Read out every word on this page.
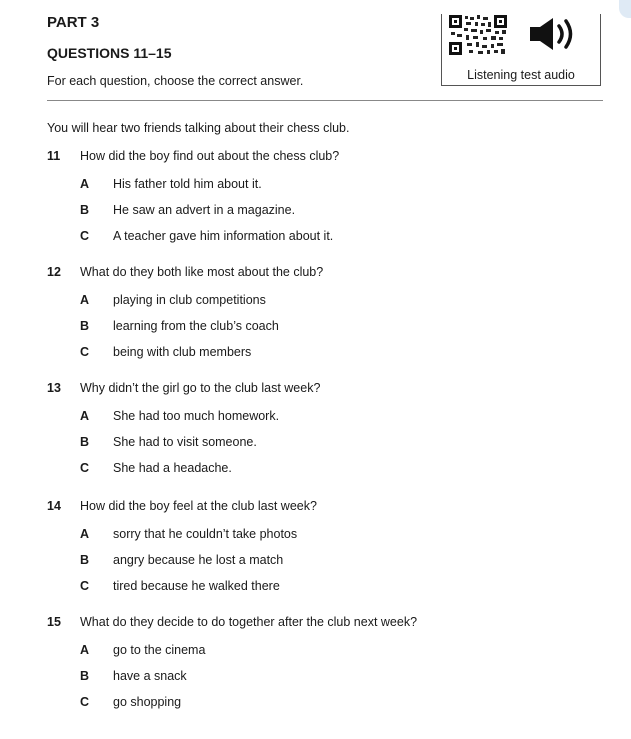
PART 3
QUESTIONS 11–15
For each question, choose the correct answer.	Listening test audio
You will hear two friends talking about their chess club.
11 How did the boy find out about the chess club?
A His father told him about it.
B He saw an advert in a magazine.
C A teacher gave him information about it.
12 What do they both like most about the club?
A playing in club competitions
B learning from the club’s coach
C being with club members
13 Why didn’t the girl go to the club last week?
A She had too much homework.
B She had to visit someone.
C She had a headache.
14 How did the boy feel at the club last week?
A sorry that he couldn’t take photos
B angry because he lost a match
C tired because he walked there
15 What do they decide to do together after the club next week?
A go to the cinema
B have a snack
C go shopping
